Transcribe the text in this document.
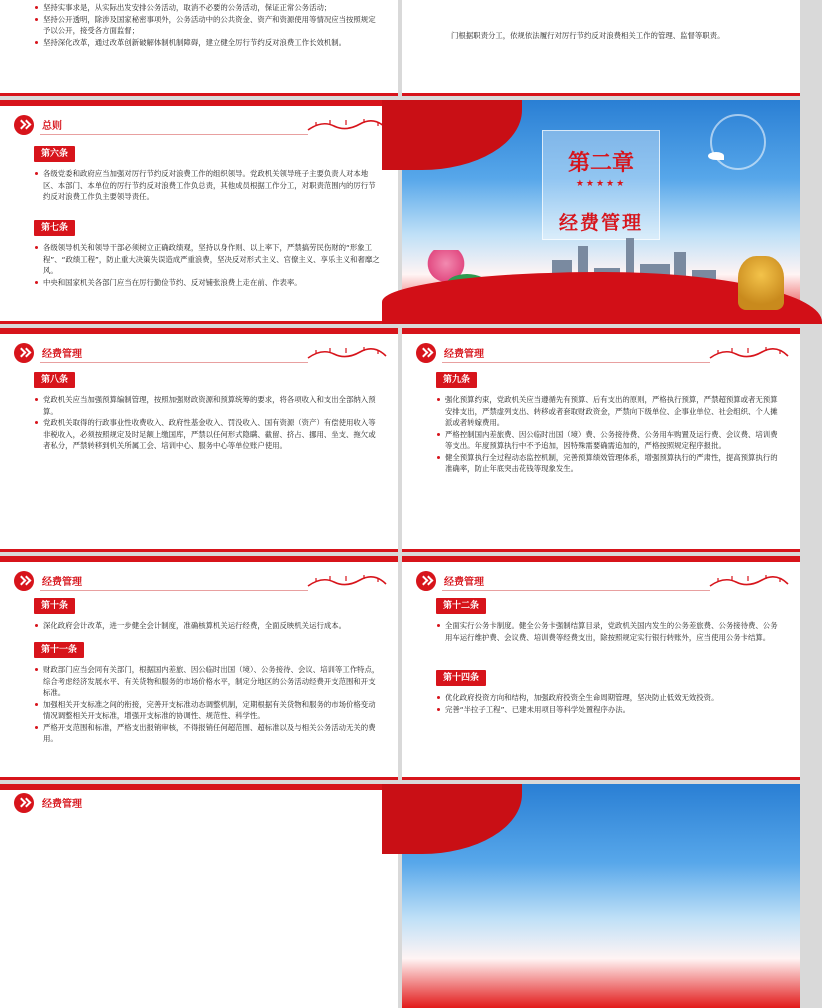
坚持实事求是，从实际出发安排公务活动，取消不必要的公务活动，保证正常公务活动；
坚持公开透明，除涉及国家秘密事项外，公务活动中的公共资金、资产和资源使用等情况应当按照规定予以公开，接受各方面监督；
坚持深化改革，通过改革创新破解体制机制障碍，建立健全厉行节约反对浪费工作长效机制。
门根据职责分工，依规依法履行对厉行节约反对浪费相关工作的管理、监督等职责。
总则
第六条
各级党委和政府应当加强对厉行节约反对浪费工作的组织领导。党政机关领导班子主要负责人对本地区、本部门、本单位的厉行节约反对浪费工作负总责，其他成员根据工作分工，对职责范围内的厉行节约反对浪费工作负主要领导责任。
第七条
各级领导机关和领导干部必须树立正确政绩观，坚持以身作则、以上率下，严禁搞劳民伤财的“形象工程”、“政绩工程”，防止重大决策失误造成严重浪费，坚决反对形式主义、官僚主义、享乐主义和奢靡之风。
中央和国家机关各部门应当在厉行勤俭节约、反对铺张浪费上走在前、作表率。
第二章
★★★★★
经费管理
经费管理
第八条
党政机关应当加强预算编制管理，按照加强财政资源和预算统筹的要求，将各项收入和支出全部纳入预算。
党政机关取得的行政事业性收费收入、政府性基金收入、罚没收入、国有资源（资产）有偿使用收入等非税收入，必须按照规定及时足额上缴国库，严禁以任何形式隐瞒、截留、挤占、挪用、坐支、拖欠或者私分，严禁转移到机关所属工会、培训中心、服务中心等单位账户使用。
经费管理
第九条
强化预算约束，党政机关应当遵循先有预算、后有支出的原则，严格执行预算，严禁超预算或者无预算安排支出，严禁虚列支出、转移或者套取财政资金，严禁向下级单位、企事业单位、社会组织、个人摊派或者转嫁费用。
严格控制国内差旅费、因公临时出国（境）费、公务接待费、公务用车购置及运行费、会议费、培训费等支出。年度预算执行中不予追加，因特殊需要确需追加的，严格按照规定程序报批。
健全预算执行全过程动态监控机制，完善预算绩效管理体系，增强预算执行的严肃性，提高预算执行的准确率，防止年底突击花钱等现象发生。
经费管理
第十条
深化政府会计改革，进一步健全会计制度，准确核算机关运行经费，全面反映机关运行成本。
第十一条
财政部门应当会同有关部门，根据国内差旅、因公临时出国（境）、公务接待、会议、培训等工作特点，综合考虑经济发展水平、有关货物和服务的市场价格水平，制定分地区的公务活动经费开支范围和开支标准。
加强相关开支标准之间的衔接，完善开支标准动态调整机制，定期根据有关货物和服务的市场价格变动情况调整相关开支标准，增强开支标准的协调性、规范性、科学性。
严格开支范围和标准，严格支出报销审核，不得报销任何超范围、超标准以及与相关公务活动无关的费用。
经费管理
第十二条
全面实行公务卡制度。健全公务卡强制结算目录，党政机关国内发生的公务差旅费、公务接待费、公务用车运行维护费、会议费、培训费等经费支出，除按照规定实行银行转账外，应当使用公务卡结算。
第十四条
优化政府投资方向和结构，加强政府投资全生命周期管理，坚决防止低效无效投资。
完善“半拉子工程”、已建未用项目等科学处置程序办法。
经费管理
